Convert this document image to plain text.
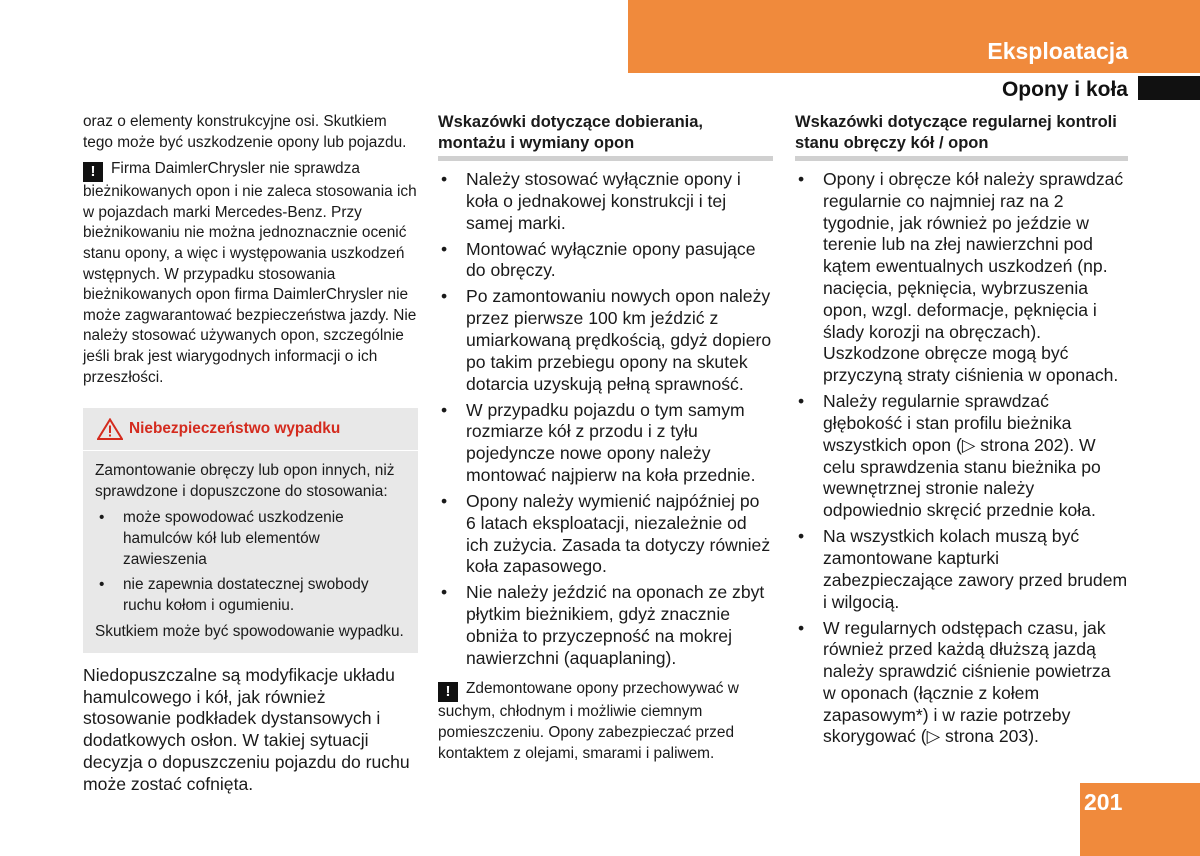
Eksploatacja
Opony i koła

oraz o elementy konstrukcyjne osi. Skutkiem tego może być uszkodzenie opony lub pojazdu.

! Firma DaimlerChrysler nie sprawdza bieżnikowanych opon i nie zaleca stosowania ich w pojazdach marki Mercedes-Benz. Przy bieżnikowaniu nie można jednoznacznie ocenić stanu opony, a więc i występowania uszkodzeń wstępnych. W przypadku stosowania bieżnikowanych opon firma DaimlerChrysler nie może zagwarantować bezpieczeństwa jazdy. Nie należy stosować używanych opon, szczególnie jeśli brak jest wiarygodnych informacji o ich przeszłości.

Niebezpieczeństwo wypadku

Zamontowanie obręczy lub opon innych, niż sprawdzone i dopuszczone do stosowania:

• może spowodować uszkodzenie hamulców kół lub elementów zawieszenia
• nie zapewnia dostatecznej swobody ruchu kołom i ogumieniu.

Skutkiem może być spowodowanie wypadku.

Niedopuszczalne są modyfikacje układu hamulcowego i kół, jak również stosowanie podkładek dystansowych i dodatkowych osłon. W takiej sytuacji decyzja o dopuszczeniu pojazdu do ruchu może zostać cofnięta.

Wskazówki dotyczące dobierania, montażu i wymiany opon
• Należy stosować wyłącznie opony i koła o jednakowej konstrukcji i tej samej marki.
• Montować wyłącznie opony pasujące do obręczy.
• Po zamontowaniu nowych opon należy przez pierwsze 100 km jeździć z umiarkowaną prędkością, gdyż dopiero po takim przebiegu opony na skutek dotarcia uzyskują pełną sprawność.
• W przypadku pojazdu o tym samym rozmiarze kół z przodu i z tyłu pojedyncze nowe opony należy montować najpierw na koła przednie.
• Opony należy wymienić najpóźniej po 6 latach eksploatacji, niezależnie od ich zużycia. Zasada ta dotyczy również koła zapasowego.
• Nie należy jeździć na oponach ze zbyt płytkim bieżnikiem, gdyż znacznie obniża to przyczepność na mokrej nawierzchni (aquaplaning).

! Zdemontowane opony przechowywać w suchym, chłodnym i możliwie ciemnym pomieszczeniu. Opony zabezpieczać przed kontaktem z olejami, smarami i paliwem.

Wskazówki dotyczące regularnej kontroli stanu obręczy kół / opon
• Opony i obręcze kół należy sprawdzać regularnie co najmniej raz na 2 tygodnie, jak również po jeździe w terenie lub na złej nawierzchni pod kątem ewentualnych uszkodzeń (np. nacięcia, pęknięcia, wybrzuszenia opon, wzgl. deformacje, pęknięcia i ślady korozji na obręczach). Uszkodzone obręcze mogą być przyczyną straty ciśnienia w oponach.
• Należy regularnie sprawdzać głębokość i stan profilu bieżnika wszystkich opon (▷ strona 202). W celu sprawdzenia stanu bieżnika po wewnętrznej stronie należy odpowiednio skręcić przednie koła.
• Na wszystkich kolach muszą być zamontowane kapturki zabezpieczające zawory przed brudem i wilgocią.
• W regularnych odstępach czasu, jak również przed każdą dłuższą jazdą należy sprawdzić ciśnienie powietrza w oponach (łącznie z kołem zapasowym*) i w razie potrzeby skorygować (▷ strona 203).
201
